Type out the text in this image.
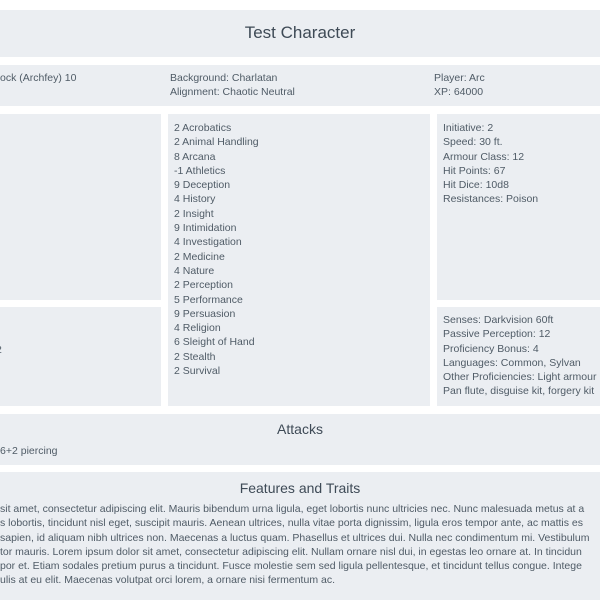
Test Character
ock (Archfey) 10	Background: Charlatan
Alignment: Chaotic Neutral
Player: Arc
XP: 64000
2 Acrobatics
2 Animal Handling
8 Arcana
-1 Athletics
9 Deception
4 History
2 Insight
9 Intimidation
4 Investigation
2 Medicine
4 Nature
2 Perception
5 Performance
9 Persuasion
4 Religion
6 Sleight of Hand
2 Stealth
2 Survival
Initiative: 2
Speed: 30 ft.
Armour Class: 12
Hit Points: 67
Hit Dice: 10d8
Resistances: Poison
Senses: Darkvision 60ft
Passive Perception: 12
Proficiency Bonus: 4
Languages: Common, Sylvan
Other Proficiencies: Light armour
Pan flute, disguise kit, forgery kit
Attacks
6+2 piercing
Features and Traits
sit amet, consectetur adipiscing elit. Mauris bibendum urna ligula, eget lobortis nunc ultricies nec. Nunc malesuada metus at a
s lobortis, tincidunt nisl eget, suscipit mauris. Aenean ultrices, nulla vitae porta dignissim, ligula eros tempor ante, ac mattis es
sapien, id aliquam nibh ultrices non. Maecenas a luctus quam. Phasellus et ultrices dui. Nulla nec condimentum mi. Vestibulum
tor mauris. Lorem ipsum dolor sit amet, consectetur adipiscing elit. Nullam ornare nisl dui, in egestas leo ornare at. In tincidun
por et. Etiam sodales pretium purus a tincidunt. Fusce molestie sem sed ligula pellentesque, et tincidunt tellus congue. Intege
ulis at eu elit. Maecenas volutpat orci lorem, a ornare nisi fermentum ac.
